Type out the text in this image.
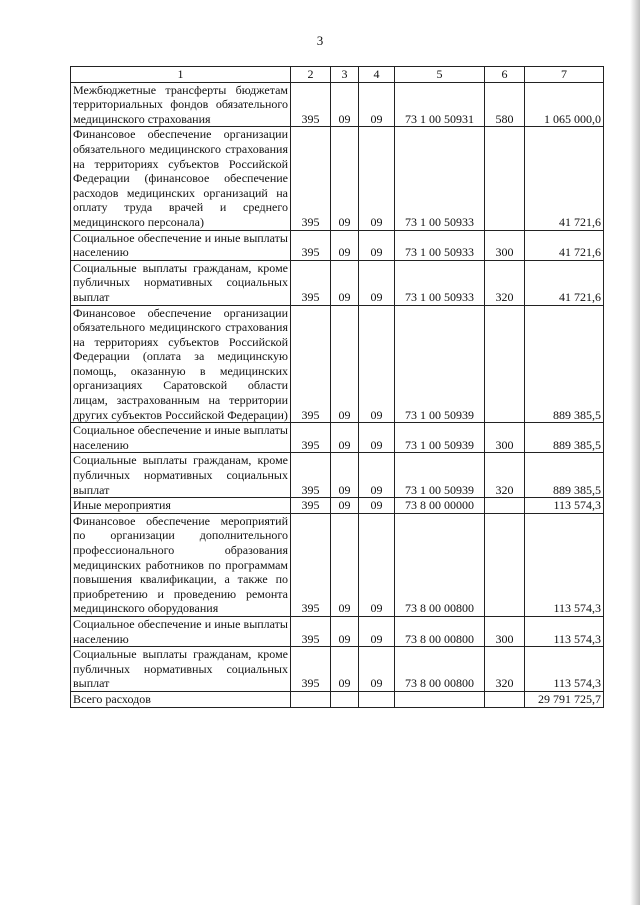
3
1	2	3	4	5	6	7
Межбюджетные трансферты бюджетам территориальных фондов обязательного медицинского страхования	395	09	09	73 1 00 50931	580	1 065 000,0
Финансовое обеспечение организации обязательного медицинского страхования на территориях субъектов Российской Федерации (финансовое обеспечение расходов медицинских организаций на оплату труда врачей и среднего медицинского персонала)	395	09	09	73 1 00 50933		41 721,6
Социальное обеспечение и иные выплаты населению	395	09	09	73 1 00 50933	300	41 721,6
Социальные выплаты гражданам, кроме публичных нормативных социальных выплат	395	09	09	73 1 00 50933	320	41 721,6
Финансовое обеспечение организации обязательного медицинского страхования на территориях субъектов Российской Федерации (оплата за медицинскую помощь, оказанную в медицинских организациях Саратовской области лицам, застрахованным на территории других субъектов Российской Федерации)	395	09	09	73 1 00 50939		889 385,5
Социальное обеспечение и иные выплаты населению	395	09	09	73 1 00 50939	300	889 385,5
Социальные выплаты гражданам, кроме публичных нормативных социальных выплат	395	09	09	73 1 00 50939	320	889 385,5
Иные мероприятия	395	09	09	73 8 00 00000		113 574,3
Финансовое обеспечение мероприятий по организации дополнительного профессионального образования медицинских работников по программам повышения квалификации, а также по приобретению и проведению ремонта медицинского оборудования	395	09	09	73 8 00 00800		113 574,3
Социальное обеспечение и иные выплаты населению	395	09	09	73 8 00 00800	300	113 574,3
Социальные выплаты гражданам, кроме публичных нормативных социальных выплат	395	09	09	73 8 00 00800	320	113 574,3
Всего расходов						29 791 725,7
